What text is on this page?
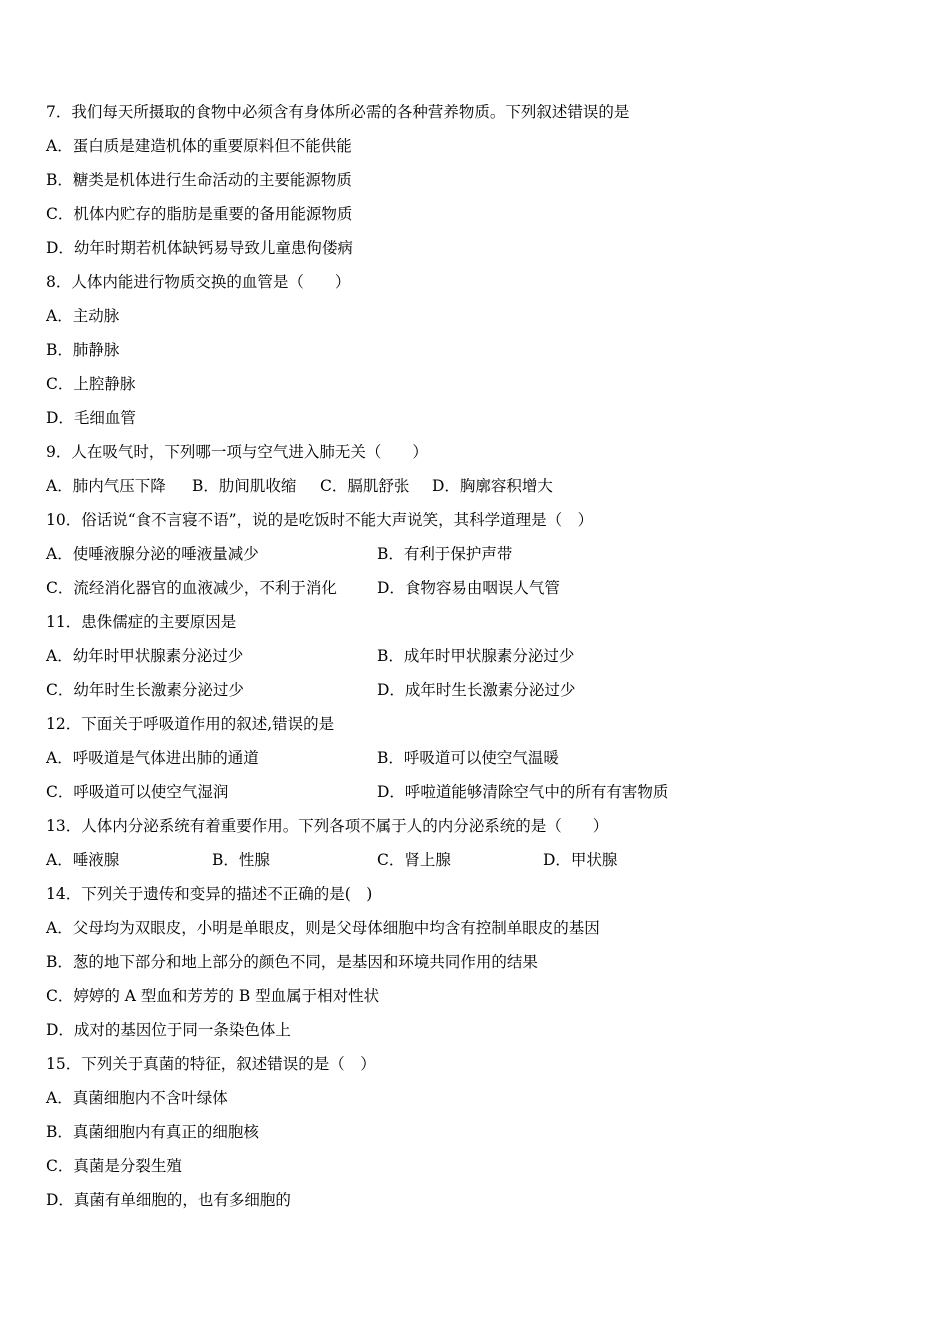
7．我们每天所摄取的食物中必须含有身体所必需的各种营养物质。下列叙述错误的是
A．蛋白质是建造机体的重要原料但不能供能
B．糖类是机体进行生命活动的主要能源物质
C．机体内贮存的脂肪是重要的备用能源物质
D．幼年时期若机体缺钙易导致儿童患佝偻病
8．人体内能进行物质交换的血管是（　　）
A．主动脉
B．肺静脉
C．上腔静脉
D．毛细血管
9．人在吸气时，下列哪一项与空气进入肺无关（　　）
A．肺内气压下降 B．肋间肌收缩 C．膈肌舒张 D．胸廓容积增大
10．俗话说“食不言寝不语”，说的是吃饭时不能大声说笑，其科学道理是（　）
A．使唾液腺分泌的唾液量减少	B．有利于保护声带
C．流经消化器官的血液减少，不利于消化	D．食物容易由咽误人气管
11．患侏儒症的主要原因是
A．幼年时甲状腺素分泌过少	B．成年时甲状腺素分泌过少
C．幼年时生长激素分泌过少	D．成年时生长激素分泌过少
12．下面关于呼吸道作用的叙述,错误的是
A．呼吸道是气体进出肺的通道	B．呼吸道可以使空气温暖
C．呼吸道可以使空气湿润	D．呼啦道能够清除空气中的所有有害物质
13．人体内分泌系统有着重要作用。下列各项不属于人的内分泌系统的是（　　）
A．唾液腺	B．性腺	C．肾上腺	D．甲状腺
14．下列关于遗传和变异的描述不正确的是(　)
A．父母均为双眼皮，小明是单眼皮，则是父母体细胞中均含有控制单眼皮的基因
B．葱的地下部分和地上部分的颜色不同，是基因和环境共同作用的结果
C．婷婷的 A 型血和芳芳的 B 型血属于相对性状
D．成对的基因位于同一条染色体上
15．下列关于真菌的特征，叙述错误的是（　）
A．真菌细胞内不含叶绿体
B．真菌细胞内有真正的细胞核
C．真菌是分裂生殖
D．真菌有单细胞的，也有多细胞的
